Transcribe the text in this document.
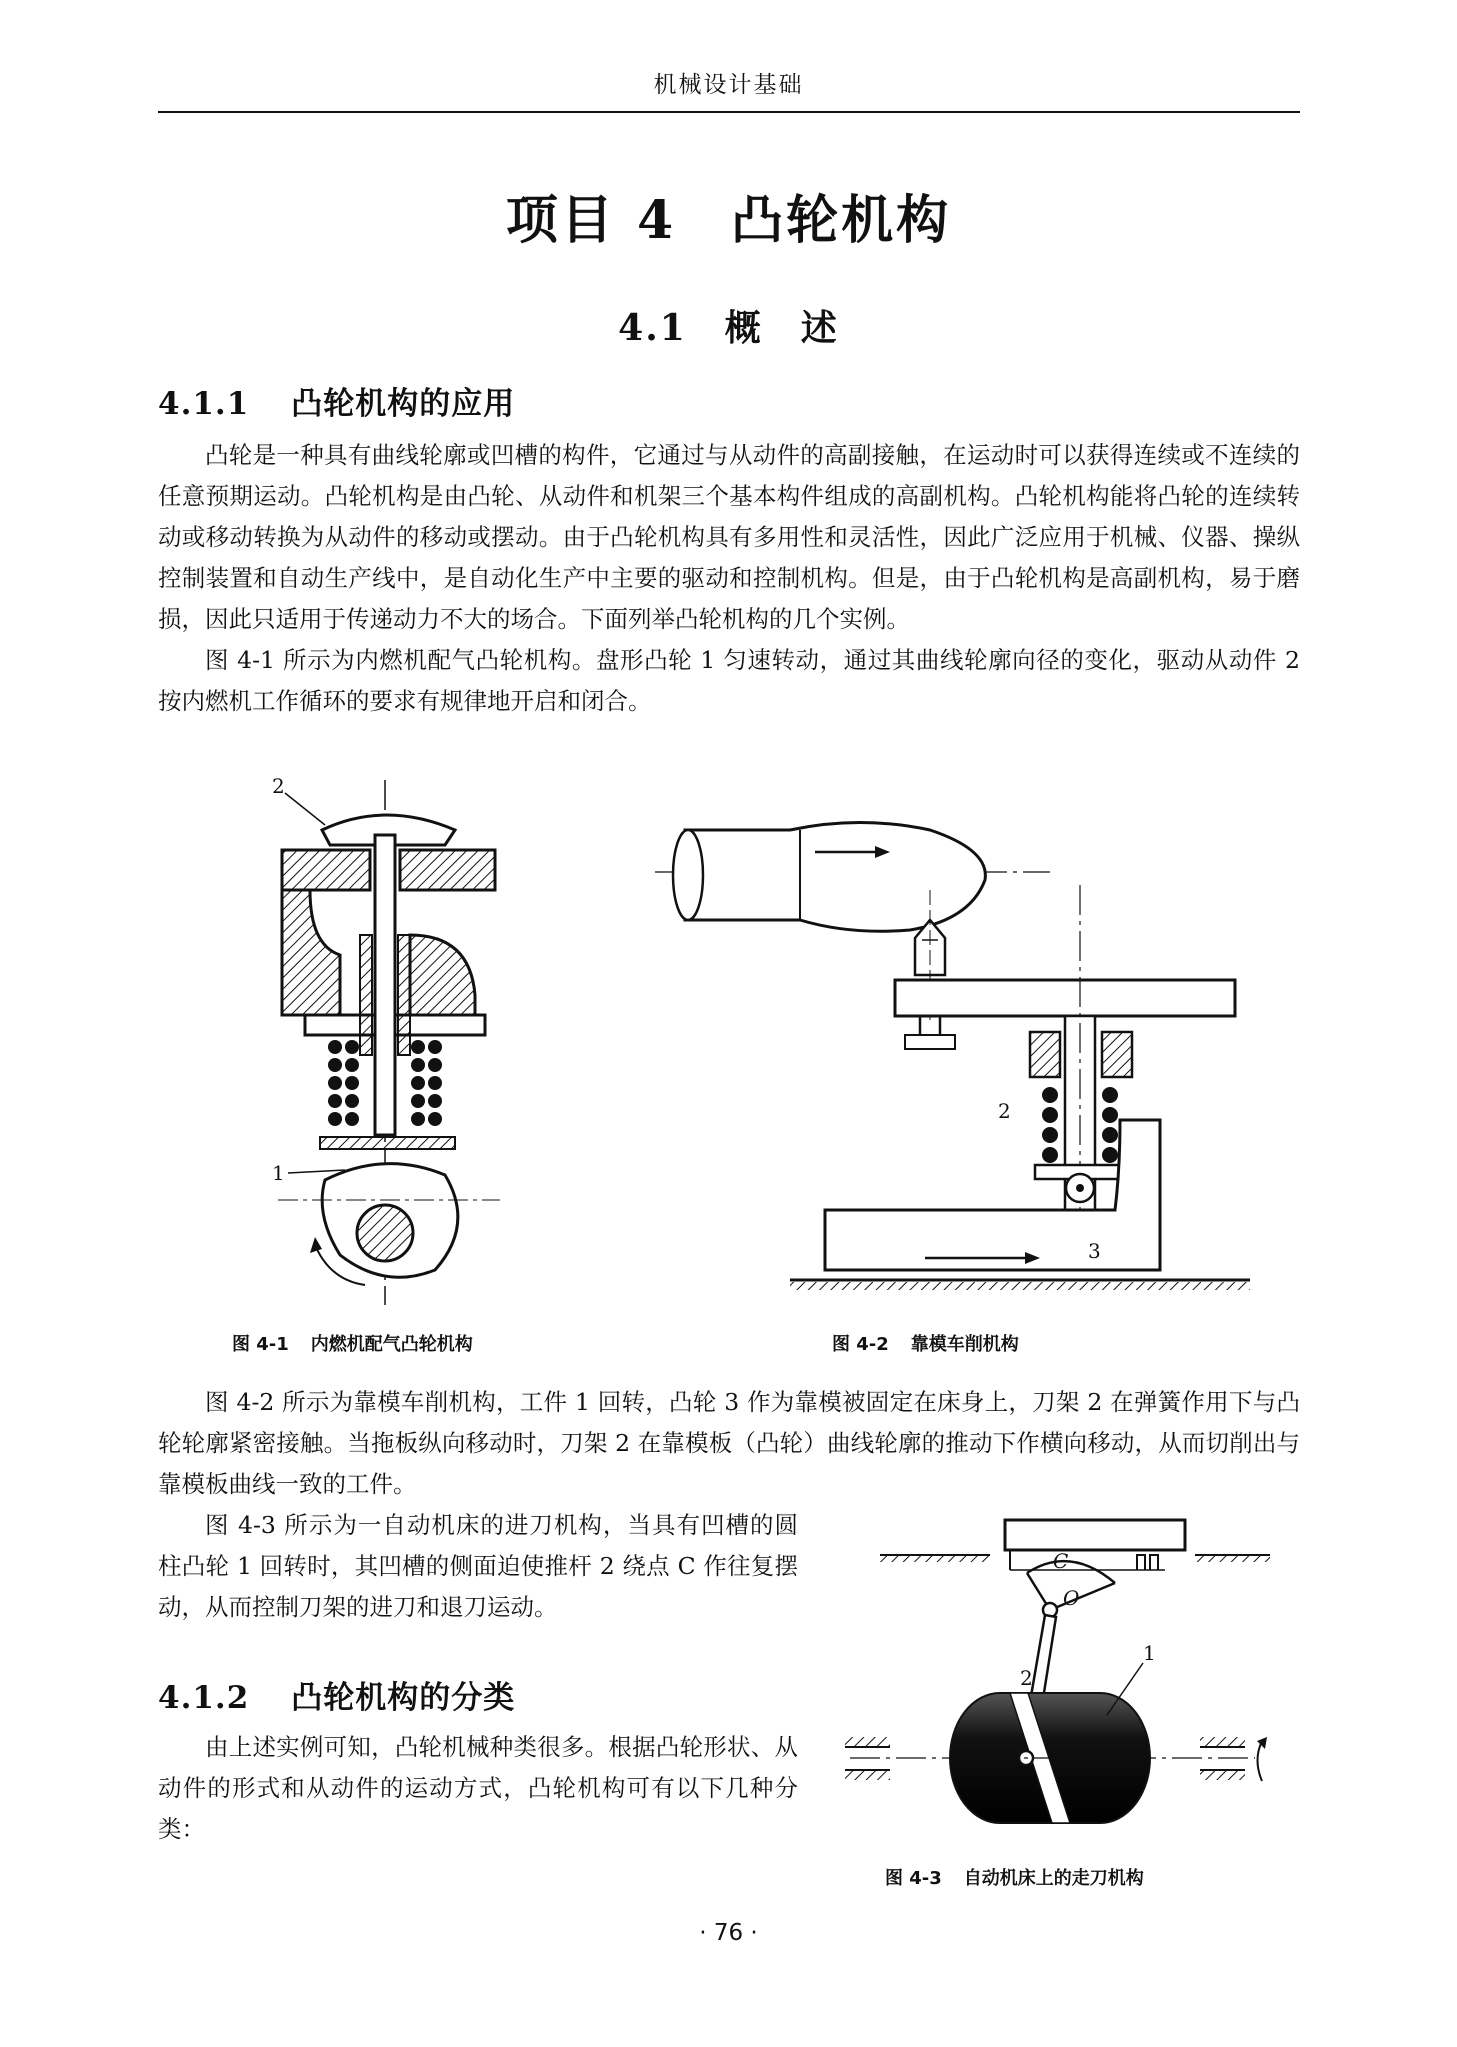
机械设计基础
项目 4　凸轮机构
4.1　概　述
4.1.1 凸轮机构的应用

凸轮是一种具有曲线轮廓或凹槽的构件，它通过与从动件的高副接触，在运动时可以获得连续或不连续的任意预期运动。凸轮机构是由凸轮、从动件和机架三个基本构件组成的高副机构。凸轮机构能将凸轮的连续转动或移动转换为从动件的移动或摆动。由于凸轮机构具有多用性和灵活性，因此广泛应用于机械、仪器、操纵控制装置和自动生产线中，是自动化生产中主要的驱动和控制机构。但是，由于凸轮机构是高副机构，易于磨损，因此只适用于传递动力不大的场合。下面列举凸轮机构的几个实例。

图 4-1 所示为内燃机配气凸轮机构。盘形凸轮 1 匀速转动，通过其曲线轮廓向径的变化，驱动从动件 2 按内燃机工作循环的要求有规律地开启和闭合。

2
1
2
3
图 4-1 内燃机配气凸轮机构	图 4-2 靠模车削机构

图 4-2 所示为靠模车削机构，工件 1 回转，凸轮 3 作为靠模被固定在床身上，刀架 2 在弹簧作用下与凸轮轮廓紧密接触。当拖板纵向移动时，刀架 2 在靠模板（凸轮）曲线轮廓的推动下作横向移动，从而切削出与靠模板曲线一致的工件。

图 4-3 所示为一自动机床的进刀机构，当具有凹槽的圆柱凸轮 1 回转时，其凹槽的侧面迫使推杆 2 绕点 C 作往复摆动，从而控制刀架的进刀和退刀运动。

4.1.2 凸轮机构的分类

由上述实例可知，凸轮机械种类很多。根据凸轮形状、从动件的形式和从动件的运动方式，凸轮机构可有以下几种分类：

C
O
1
2
图 4-3 自动机床上的走刀机构
· 76 ·
